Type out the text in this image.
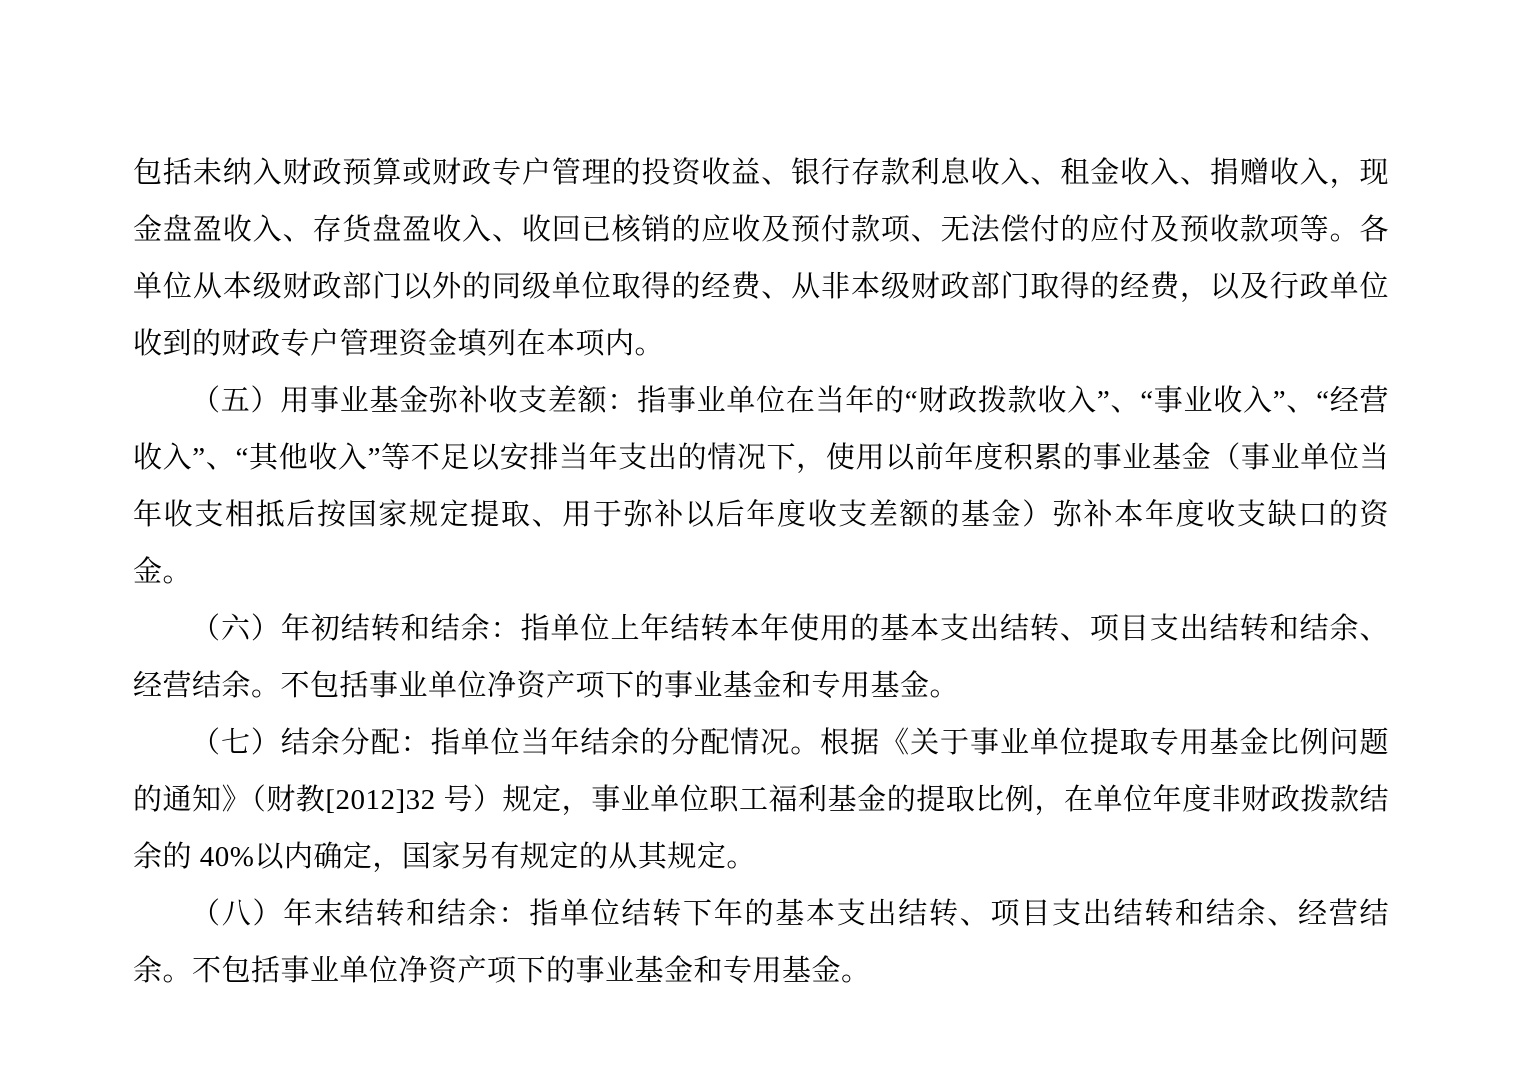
包括未纳入财政预算或财政专户管理的投资收益、银行存款利息收入、租金收入、捐赠收入，现金盘盈收入、存货盘盈收入、收回已核销的应收及预付款项、无法偿付的应付及预收款项等。各单位从本级财政部门以外的同级单位取得的经费、从非本级财政部门取得的经费，以及行政单位收到的财政专户管理资金填列在本项内。

（五）用事业基金弥补收支差额：指事业单位在当年的“财政拨款收入”、“事业收入”、“经营收入”、“其他收入”等不足以安排当年支出的情况下，使用以前年度积累的事业基金（事业单位当年收支相抵后按国家规定提取、用于弥补以后年度收支差额的基金）弥补本年度收支缺口的资金。

（六）年初结转和结余：指单位上年结转本年使用的基本支出结转、项目支出结转和结余、经营结余。不包括事业单位净资产项下的事业基金和专用基金。

（七）结余分配：指单位当年结余的分配情况。根据《关于事业单位提取专用基金比例问题的通知》（财教[2012]32 号）规定，事业单位职工福利基金的提取比例，在单位年度非财政拨款结余的 40%以内确定，国家另有规定的从其规定。

（八）年末结转和结余：指单位结转下年的基本支出结转、项目支出结转和结余、经营结余。不包括事业单位净资产项下的事业基金和专用基金。
